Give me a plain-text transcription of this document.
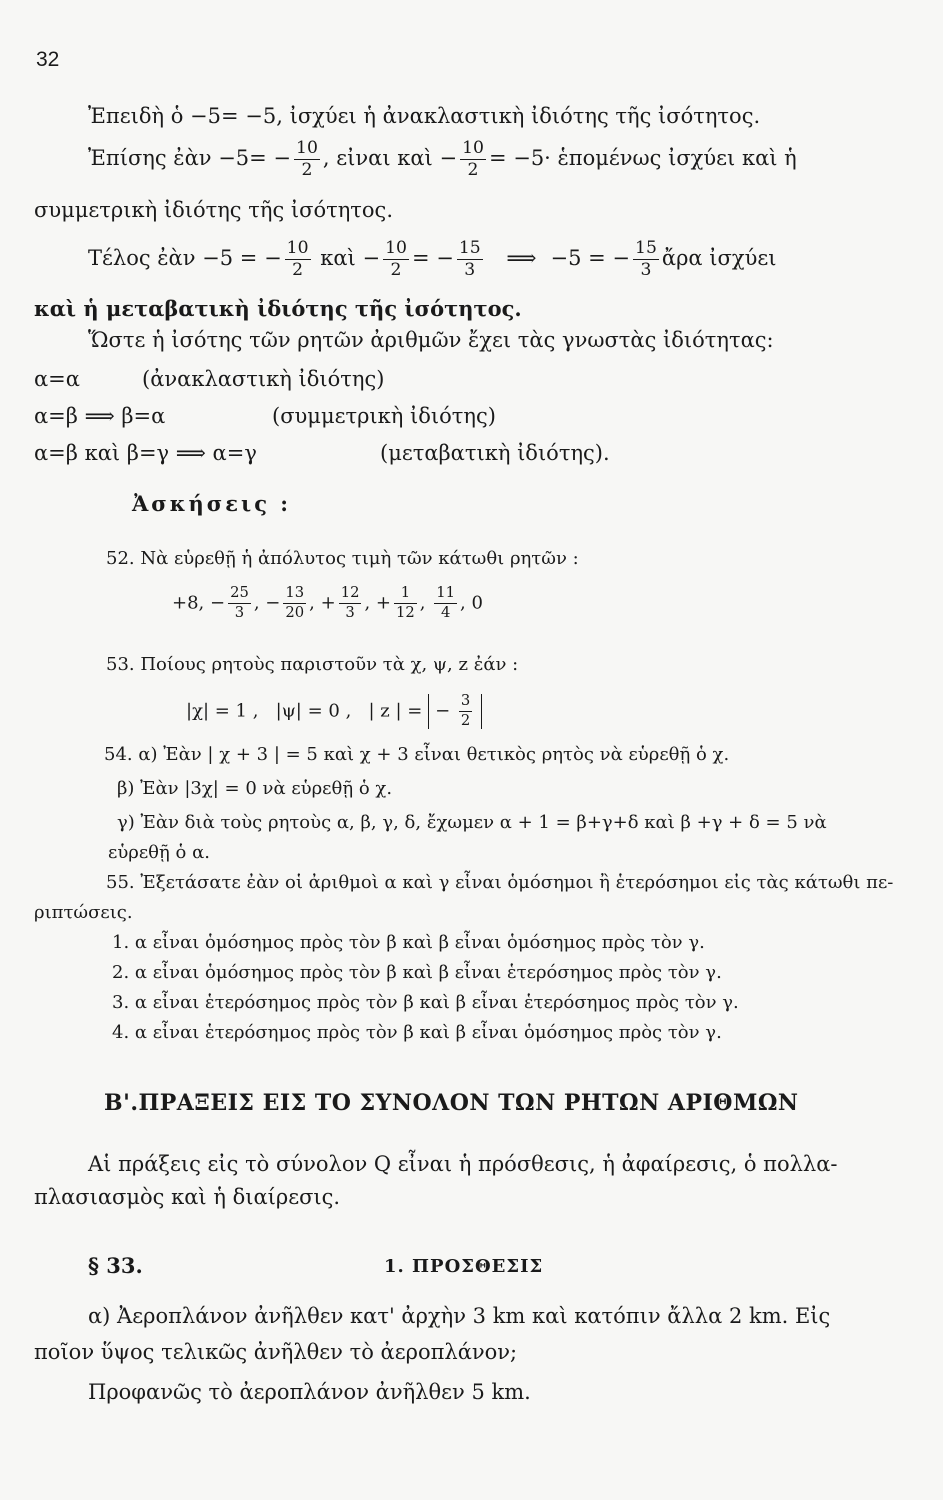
32
Ἐπειδὴ ὁ −5= −5, ἰσχύει ἡ ἀνακλαστικὴ ἰδιότης τῆς ἰσότητος.
Ἐπίσης ἐὰν $-5= - \frac{10}{2}$ , εἰναι καὶ − $\frac{10}{2} = -5\cdot$ ἑπομένως ἰσχύει καὶ ἡ
συμμετρικὴ ἰδιότης τῆς ἰσότητος.
Τέλος ἐὰν −5 = − $\frac{10}{2}$ καὶ − $\frac{10}{2}$ = − $\frac{15}{3}$ ⟹ −5 = − $\frac{15}{3}$ ἄρα ἰσχύει
καὶ ἡ μεταβατικὴ ἰδιότης τῆς ἰσότητος.
Ὥστε ἡ ἰσότης τῶν ρητῶν ἀριθμῶν ἔχει τὰς γνωστὰς ἰδιότητας:
α=α	(ἀνακλαστικὴ ἰδιότης)
α=β ⟹ β=α	(συμμετρικὴ ἰδιότης)
α=β καὶ β=γ ⟹ α=γ	(μεταβατικὴ ἰδιότης).
Ἀσκήσεις :
52. Νὰ εὑρεθῇ ἡ ἀπόλυτος τιμὴ τῶν κάτωθι ρητῶν :
+8, − $\frac{25}{3}$ , − $\frac{13}{20}$ , + $\frac{12}{3}$ , + $\frac{1}{12}$ , $\frac{11}{4}$ , 0
53. Ποίους ρητοὺς παριστοῦν τὰ χ, ψ, z ἐάν :
|χ| = 1 ,   |ψ| = 0 ,   | z | = − $\frac{3}{2}$
54. α) Ἐὰν | χ + 3 | = 5 καὶ χ + 3 εἶναι θετικὸς ρητὸς νὰ εὑρεθῇ ὁ χ.
β) Ἐὰν |3χ| = 0 νὰ εὑρεθῇ ὁ χ.
γ) Ἐὰν διὰ τοὺς ρητοὺς α, β, γ, δ, ἔχωμεν α + 1 = β+γ+δ καὶ β +γ + δ = 5 νὰ
εὑρεθῇ ὁ α.
55. Ἐξετάσατε ἐὰν οἱ ἀριθμοὶ α καὶ γ εἶναι ὁμόσημοι ἢ ἑτερόσημοι εἰς τὰς κάτωθι πε-
ριπτώσεις.
1. α εἶναι ὁμόσημος πρὸς τὸν β καὶ β εἶναι ὁμόσημος πρὸς τὸν γ.
2. α εἶναι ὁμόσημος πρὸς τὸν β καὶ β εἶναι ἑτερόσημος πρὸς τὸν γ.
3. α εἶναι ἑτερόσημος πρὸς τὸν β καὶ β εἶναι ἑτερόσημος πρὸς τὸν γ.
4. α εἶναι ἑτερόσημος πρὸς τὸν β καὶ β εἶναι ὁμόσημος πρὸς τὸν γ.
Β'.ΠΡΑΞΕΙΣ ΕΙΣ ΤΟ ΣΥΝΟΛΟΝ ΤΩΝ ΡΗΤΩΝ ΑΡΙΘΜΩΝ
Αἱ πράξεις εἰς τὸ σύνολον Q εἶναι ἡ πρόσθεσις, ἡ ἀφαίρεσις, ὁ πολλα-
πλασιασμὸς καὶ ἡ διαίρεσις.
§ 33.	1. ΠΡΟΣΘΕΣΙΣ
α) Ἀεροπλάνον ἀνῆλθεν κατ' ἀρχὴν 3 km καὶ κατόπιν ἄλλα 2 km. Εἰς
ποῖον ὕψος τελικῶς ἀνῆλθεν τὸ ἀεροπλάνον;
Προφανῶς τὸ ἀεροπλάνον ἀνῆλθεν 5 km.
